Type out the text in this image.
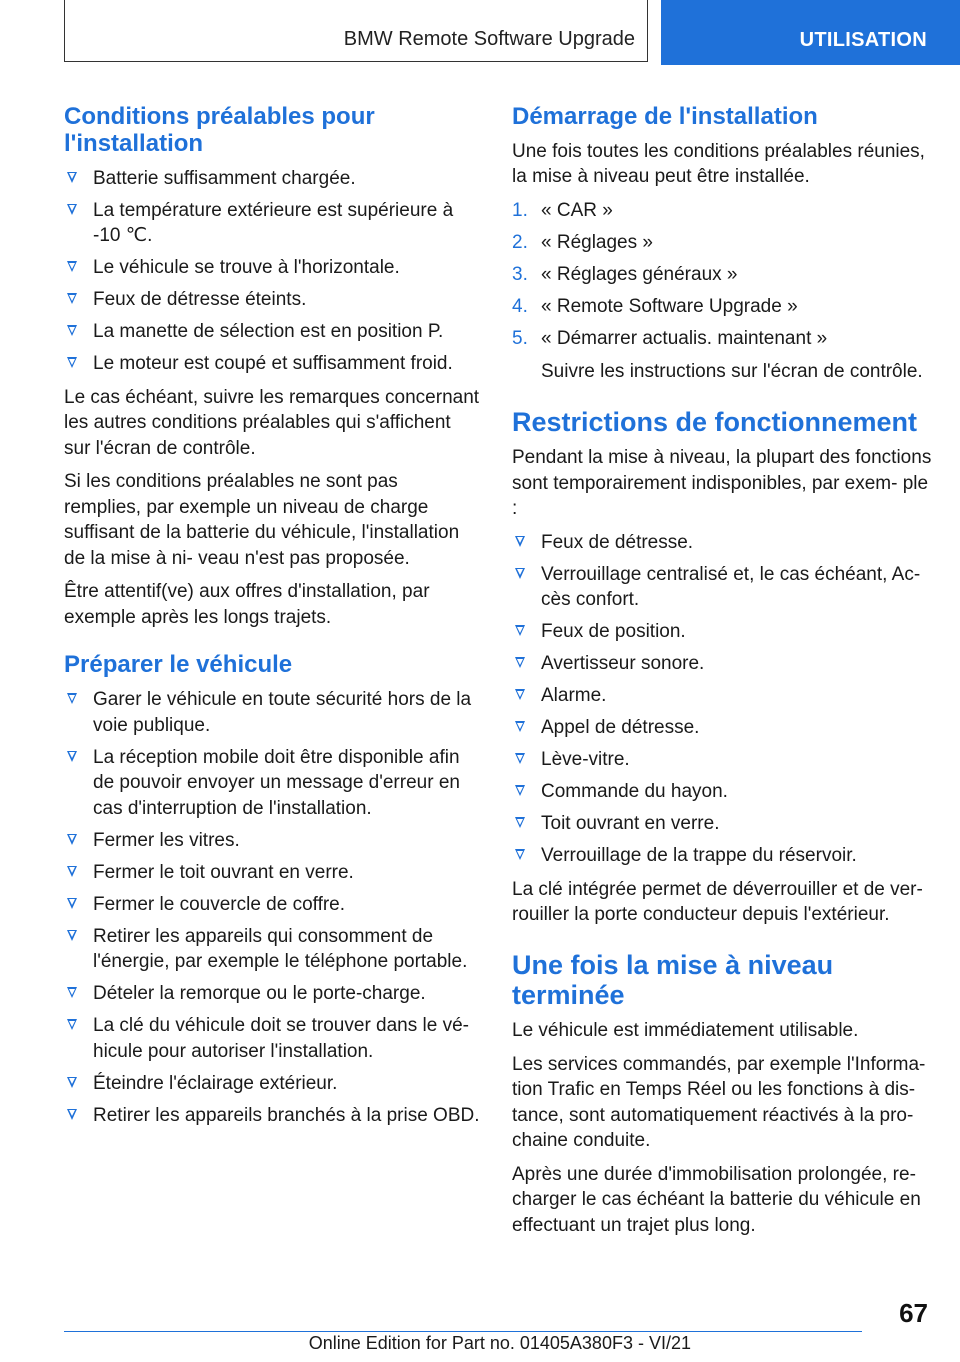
BMW Remote Software Upgrade	UTILISATION
Conditions préalables pour l'installation
Batterie suffisamment chargée.
La température extérieure est supérieure à -10 ℃.
Le véhicule se trouve à l'horizontale.
Feux de détresse éteints.
La manette de sélection est en position P.
Le moteur est coupé et suffisamment froid.

Le cas échéant, suivre les remarques concernant les autres conditions préalables qui s'affichent sur l'écran de contrôle.

Si les conditions préalables ne sont pas remplies, par exemple un niveau de charge suffisant de la batterie du véhicule, l'installation de la mise à ni- veau n'est pas proposée.

Être attentif(ve) aux offres d'installation, par exemple après les longs trajets.

Préparer le véhicule
Garer le véhicule en toute sécurité hors de la voie publique.
La réception mobile doit être disponible afin de pouvoir envoyer un message d'erreur en cas d'interruption de l'installation.
Fermer les vitres.
Fermer le toit ouvrant en verre.
Fermer le couvercle de coffre.
Retirer les appareils qui consomment de l'énergie, par exemple le téléphone portable.
Dételer la remorque ou le porte-charge.
La clé du véhicule doit se trouver dans le vé- hicule pour autoriser l'installation.
Éteindre l'éclairage extérieur.
Retirer les appareils branchés à la prise OBD.
Démarrage de l'installation

Une fois toutes les conditions préalables réunies, la mise à niveau peut être installée.

1. « CAR »
2. « Réglages »
3. « Réglages généraux »
4. « Remote Software Upgrade »
5. « Démarrer actualis. maintenant »

Suivre les instructions sur l'écran de contrôle.

Restrictions de fonctionnement

Pendant la mise à niveau, la plupart des fonctions sont temporairement indisponibles, par exem- ple :

Feux de détresse.
Verrouillage centralisé et, le cas échéant, Ac- cès confort.
Feux de position.
Avertisseur sonore.
Alarme.
Appel de détresse.
Lève-vitre.
Commande du hayon.
Toit ouvrant en verre.
Verrouillage de la trappe du réservoir.

La clé intégrée permet de déverrouiller et de ver- rouiller la porte conducteur depuis l'extérieur.

Une fois la mise à niveau terminée

Le véhicule est immédiatement utilisable.

Les services commandés, par exemple l'Informa- tion Trafic en Temps Réel ou les fonctions à dis- tance, sont automatiquement réactivés à la pro- chaine conduite.

Après une durée d'immobilisation prolongée, re- charger le cas échéant la batterie du véhicule en effectuant un trajet plus long.

67
Online Edition for Part no. 01405A380F3 - VI/21
